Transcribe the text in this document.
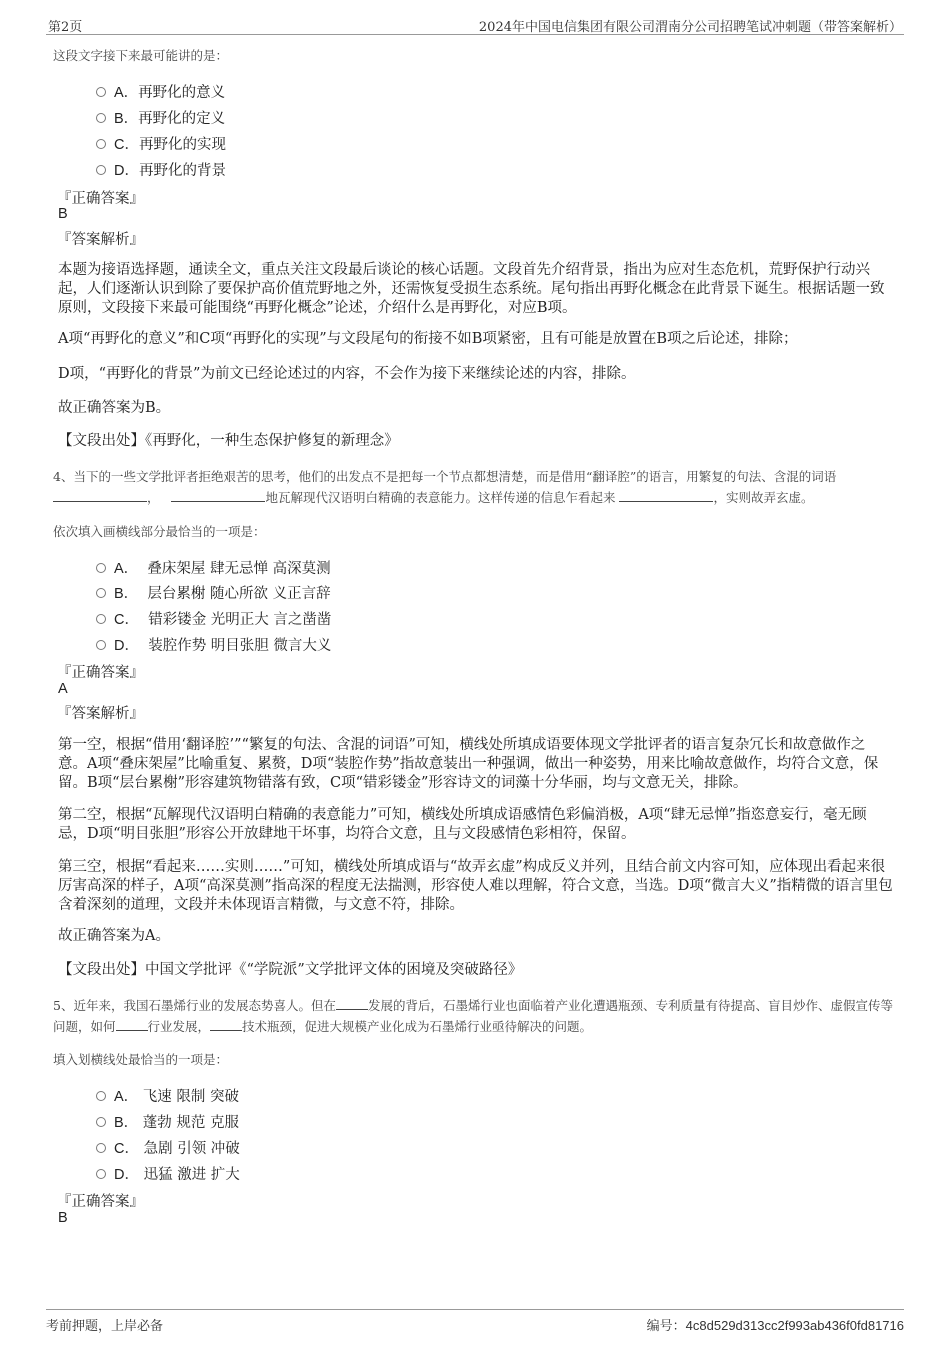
第2页	2024年中国电信集团有限公司渭南分公司招聘笔试冲刺题（带答案解析）
这段文字接下来最可能讲的是：
A．再野化的意义
B．再野化的定义
C．再野化的实现
D．再野化的背景
『正确答案』
B
『答案解析』
本题为接语选择题，通读全文，重点关注文段最后谈论的核心话题。文段首先介绍背景，指出为应对生态危机，荒野保护行动兴起，人们逐渐认识到除了要保护高价值荒野地之外，还需恢复受损生态系统。尾句指出再野化概念在此背景下诞生。根据话题一致原则，文段接下来最可能围绕“再野化概念”论述，介绍什么是再野化，对应B项。
A项“再野化的意义”和C项“再野化的实现”与文段尾句的衔接不如B项紧密，且有可能是放置在B项之后论述，排除；
D项，“再野化的背景”为前文已经论述过的内容，不会作为接下来继续论述的内容，排除。
故正确答案为B。
【文段出处】《再野化，一种生态保护修复的新理念》
4、当下的一些文学批评者拒绝艰苦的思考，他们的出发点不是把每一个节点都想清楚，而是借用“翻译腔”的语言，用繁复的句法、含混的词语
，	地瓦解现代汉语明白精确的表意能力。这样传递的信息乍看起来	，实则故弄玄虚。
依次填入画横线部分最恰当的一项是：
A． 叠床架屋 肆无忌惮 高深莫测
B． 层台累榭 随心所欲 义正言辞
C． 错彩镂金 光明正大 言之凿凿
D． 装腔作势 明目张胆 微言大义
『正确答案』
A
『答案解析』
第一空，根据“借用‘翻译腔’”“繁复的句法、含混的词语”可知，横线处所填成语要体现文学批评者的语言复杂冗长和故意做作之意。A项“叠床架屋”比喻重复、累赘，D项“装腔作势”指故意装出一种强调，做出一种姿势，用来比喻故意做作，均符合文意，保留。B项“层台累榭”形容建筑物错落有致，C项“错彩镂金”形容诗文的词藻十分华丽，均与文意无关，排除。
第二空，根据“瓦解现代汉语明白精确的表意能力”可知，横线处所填成语感情色彩偏消极，A项“肆无忌惮”指恣意妄行，毫无顾忌，D项“明目张胆”形容公开放肆地干坏事，均符合文意，且与文段感情色彩相符，保留。
第三空，根据“看起来……实则……”可知，横线处所填成语与“故弄玄虚”构成反义并列，且结合前文内容可知，应体现出看起来很厉害高深的样子，A项“高深莫测”指高深的程度无法揣测，形容使人难以理解，符合文意，当选。D项“微言大义”指精微的语言里包含着深刻的道理，文段并未体现语言精微，与文意不符，排除。
故正确答案为A。
【文段出处】中国文学批评《“学院派”文学批评文体的困境及突破路径》
5、近年来，我国石墨烯行业的发展态势喜人。但在	发展的背后，石墨烯行业也面临着产业化遭遇瓶颈、专利质量有待提高、盲目炒作、虚假宣传等问题，如何	行业发展，	技术瓶颈，促进大规模产业化成为石墨烯行业亟待解决的问题。
填入划横线处最恰当的一项是：
A． 飞速 限制 突破
B． 蓬勃 规范 克服
C． 急剧 引领 冲破
D． 迅猛 激进 扩大
『正确答案』
B
考前押题，上岸必备	编号：4c8d529d313cc2f993ab436f0fd81716
